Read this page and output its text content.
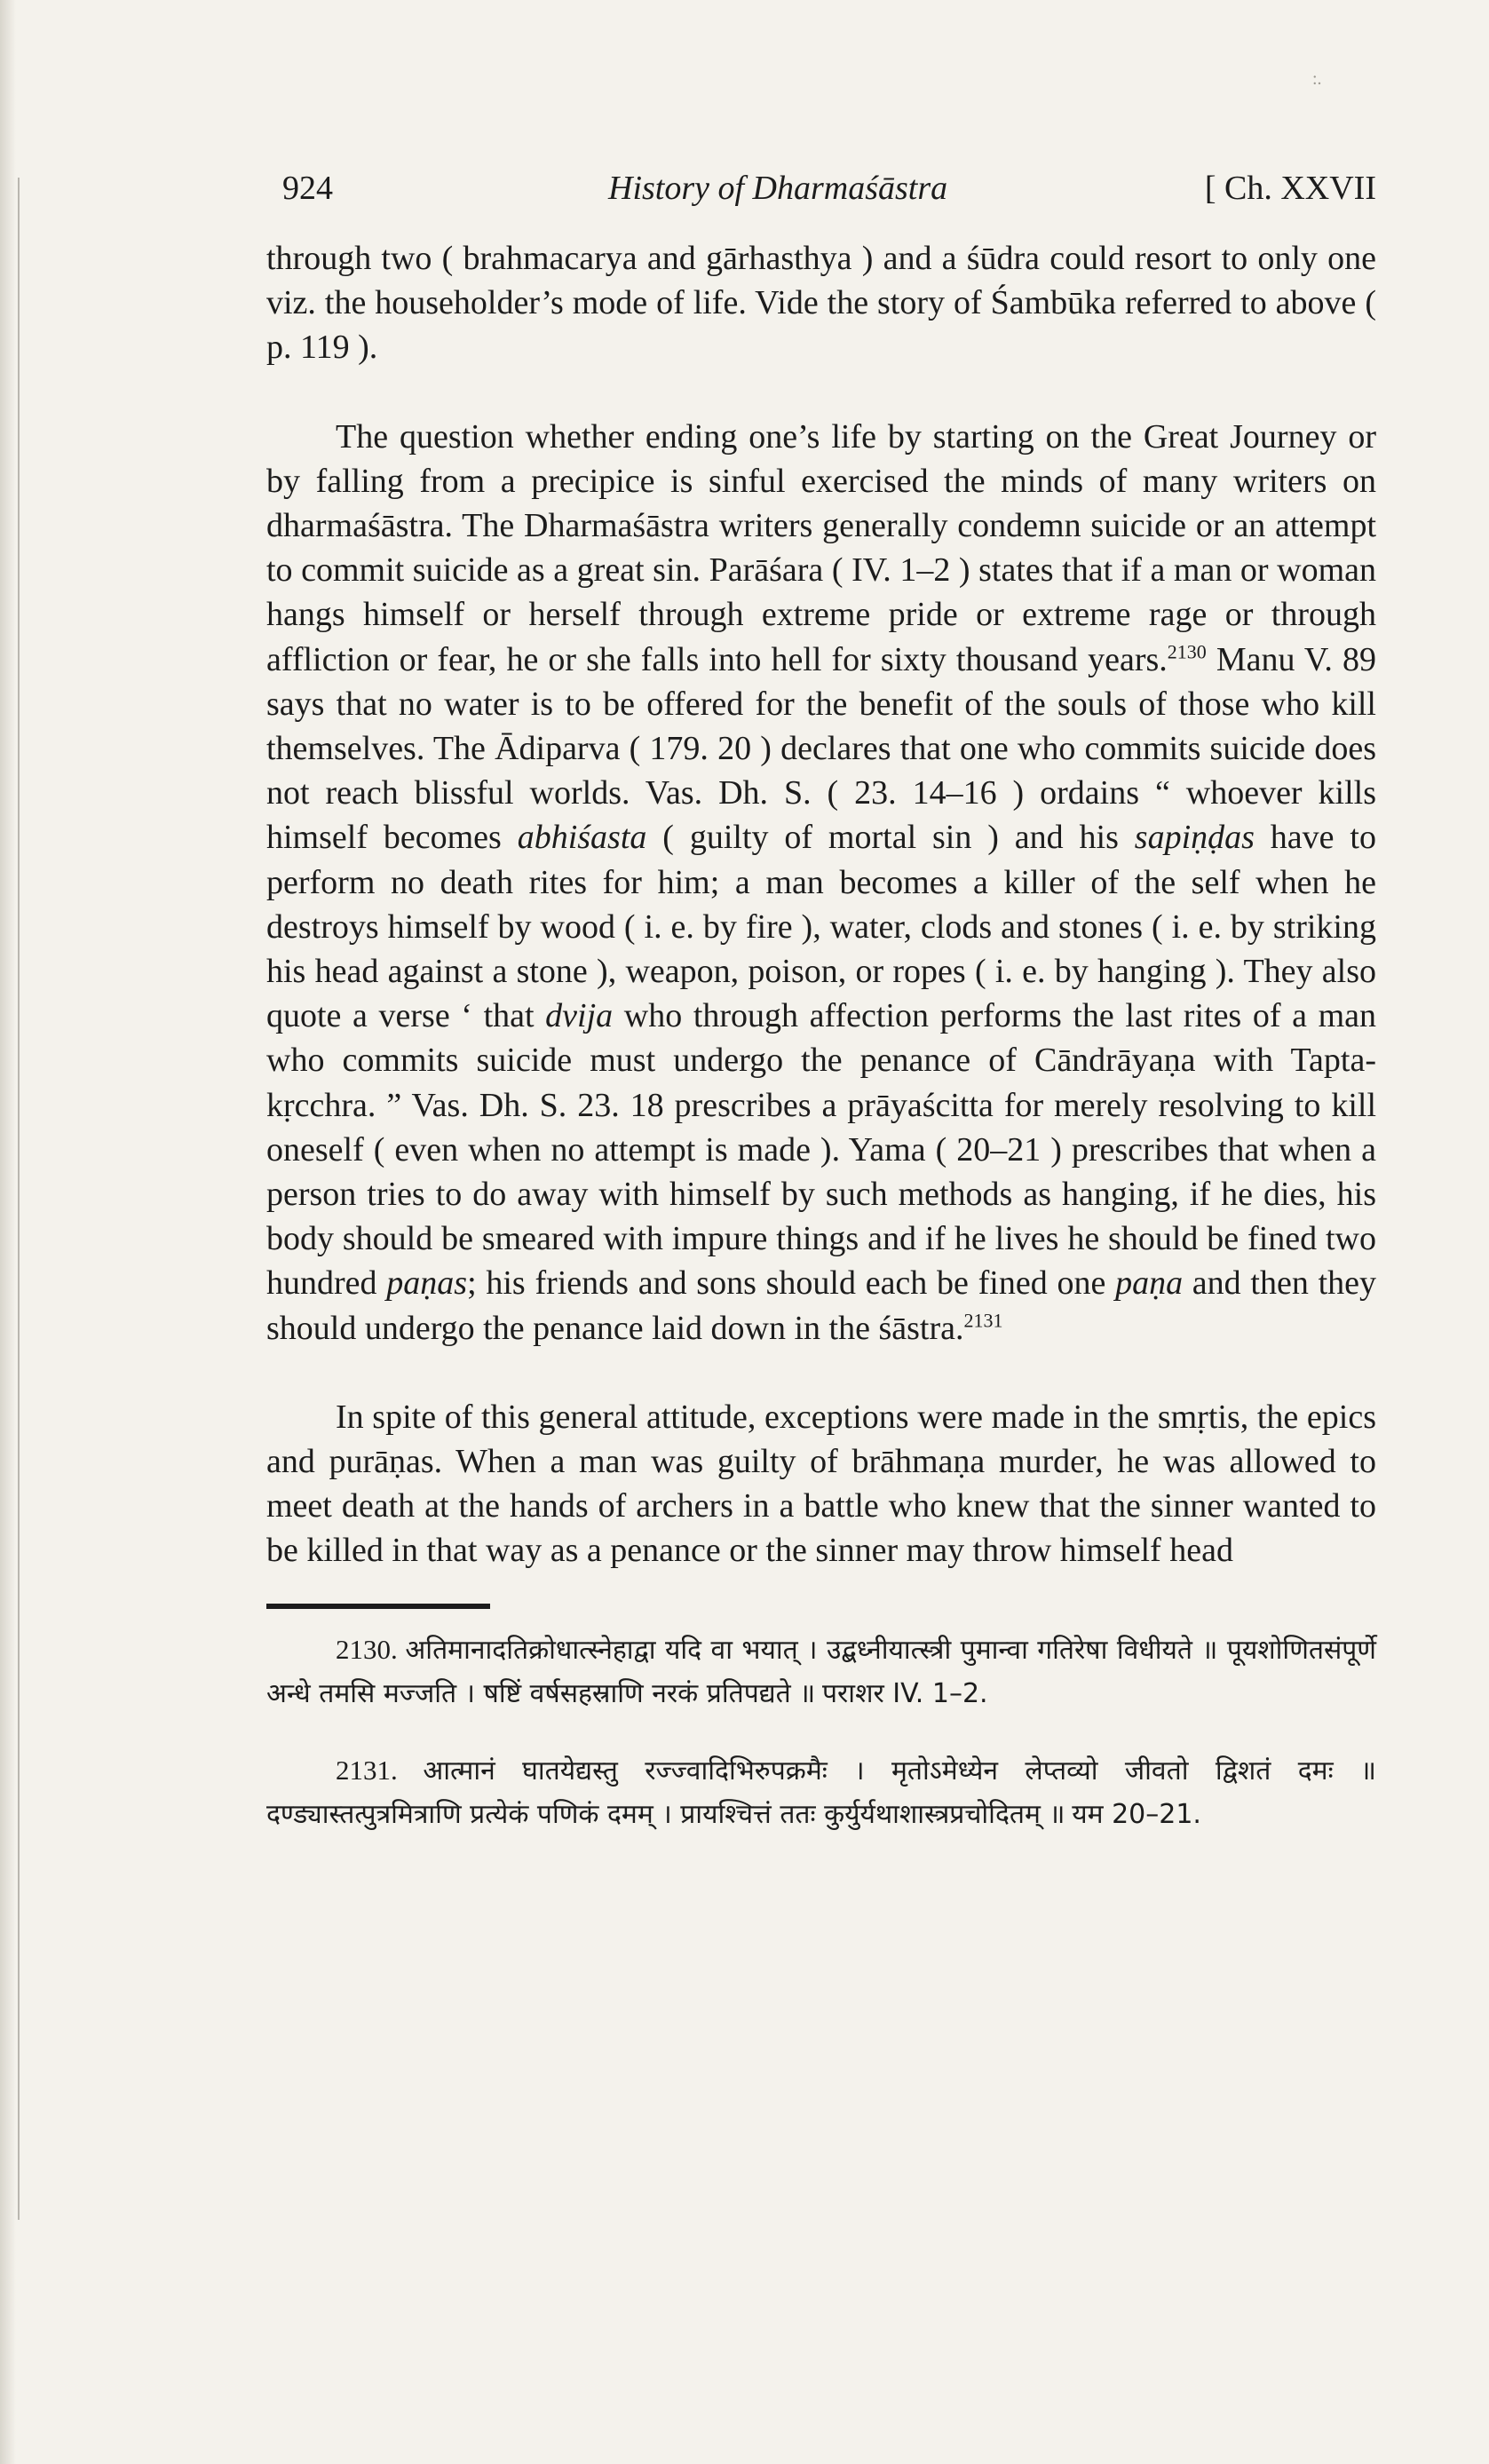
:.
924	History of Dharmaśāstra	[ Ch. XXVII

through two ( brahmacarya and gārhasthya ) and a śūdra could resort to only one viz. the householder’s mode of life. Vide the story of Śambūka referred to above ( p. 119 ).

The question whether ending one’s life by starting on the Great Journey or by falling from a precipice is sinful exercised the minds of many writers on dharmaśāstra. The Dharmaśāstra writers generally condemn suicide or an attempt to commit suicide as a great sin. Parāśara ( IV. 1–2 ) states that if a man or woman hangs himself or herself through extreme pride or extreme rage or through affliction or fear, he or she falls into hell for sixty thousand years.$^{2130}$ Manu V. 89 says that no water is to be offered for the benefit of the souls of those who kill themselves. The Ādiparva ( 179. 20 ) declares that one who commits suicide does not reach blissful worlds. Vas. Dh. S. ( 23. 14–16 ) ordains “ whoever kills himself becomes abhiśasta ( guilty of mortal sin ) and his sapiṇḍas have to perform no death rites for him; a man becomes a killer of the self when he destroys himself by wood ( i. e. by fire ), water, clods and stones ( i. e. by striking his head against a stone ), weapon, poison, or ropes ( i. e. by hanging ). They also quote a verse ‘ that dvija who through affection performs the last rites of a man who commits suicide must undergo the penance of Cāndrāyaṇa with Tapta-kṛcchra. ” Vas. Dh. S. 23. 18 prescribes a prāyaścitta for merely resolving to kill oneself ( even when no attempt is made ). Yama ( 20–21 ) prescribes that when a person tries to do away with himself by such methods as hanging, if he dies, his body should be smeared with impure things and if he lives he should be fined two hundred paṇas; his friends and sons should each be fined one paṇa and then they should undergo the penance laid down in the śāstra.$^{2131}$

In spite of this general attitude, exceptions were made in the smṛtis, the epics and purāṇas. When a man was guilty of brāhmaṇa murder, he was allowed to meet death at the hands of archers in a battle who knew that the sinner wanted to be killed in that way as a penance or the sinner may throw himself head

2130. अतिमानादतिक्रोधात्स्नेहाद्वा यदि वा भयात् । उद्बध्नीयात्स्त्री पुमान्वा गतिरेषा विधीयते ॥ पूयशोणितसंपूर्णे अन्धे तमसि मज्जति । षष्टिं वर्षसहस्राणि नरकं प्रतिपद्यते ॥ पराशर IV. 1–2.
2131. आत्मानं घातयेद्यस्तु रज्ज्वादिभिरुपक्रमैः । मृतोऽमेध्येन लेप्तव्यो जीवतो द्विशतं दमः ॥ दण्ड्यास्तत्पुत्रमित्राणि प्रत्येकं पणिकं दमम् । प्रायश्चित्तं ततः कुर्युर्यथाशास्त्रप्रचोदितम् ॥ यम 20–21.
